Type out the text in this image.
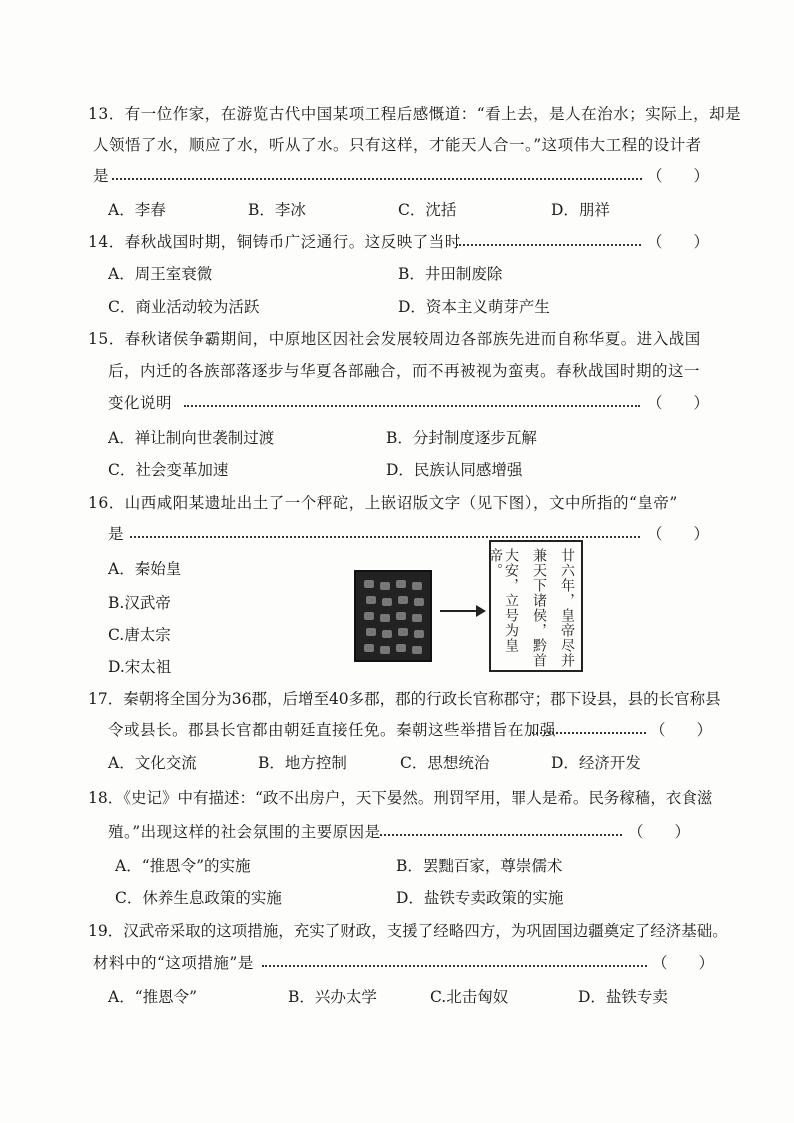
13．有一位作家，在游览古代中国某项工程后感慨道：“看上去，是人在治水；实际上，却是
人领悟了水，顺应了水，听从了水。只有这样，才能天人合一。”这项伟大工程的设计者
是	（　　）
A．李春	B．李冰	C．沈括	D．朋祥
14．春秋战国时期，铜铸币广泛通行。这反映了当时	（　　）
A．周王室衰微	B．井田制废除
C．商业活动较为活跃	D．资本主义萌芽产生
15．春秋诸侯争霸期间，中原地区因社会发展较周边各部族先进而自称华夏。进入战国
后，内迁的各族部落逐步与华夏各部融合，而不再被视为蛮夷。春秋战国时期的这一
变化说明	（　　）
A．禅让制向世袭制过渡	B．分封制度逐步瓦解
C．社会变革加速	D．民族认同感增强
16．山西咸阳某遗址出土了一个秤砣，上嵌诏版文字（见下图），文中所指的“皇帝”
是	（　　）
A．秦始皇
B.汉武帝
C.唐太宗
D.宋太祖	廿六年，皇帝尽并
兼天下诸侯，黔首
大安，立号为皇帝。
17．秦朝将全国分为36郡，后增至40多郡，郡的行政长官称郡守；郡下设县，县的长官称县
令或县长。郡县长官都由朝廷直接任免。秦朝这些举措旨在加强	（　　）
A．文化交流	B．地方控制	C．思想统治	D．经济开发
18．《史记》中有描述：“政不出房户，天下晏然。刑罚罕用，罪人是希。民务稼穑，衣食滋
殖。”出现这样的社会氛围的主要原因是	（　　）
A．“推恩令”的实施	B．罢黜百家，尊崇儒术
C．休养生息政策的实施	D．盐铁专卖政策的实施
19．汉武帝采取的这项措施，充实了财政，支援了经略四方，为巩固国边疆奠定了经济基础。
材料中的“这项措施”是	（　　）
A．“推恩令”	B．兴办太学	C.北击匈奴	D．盐铁专卖
